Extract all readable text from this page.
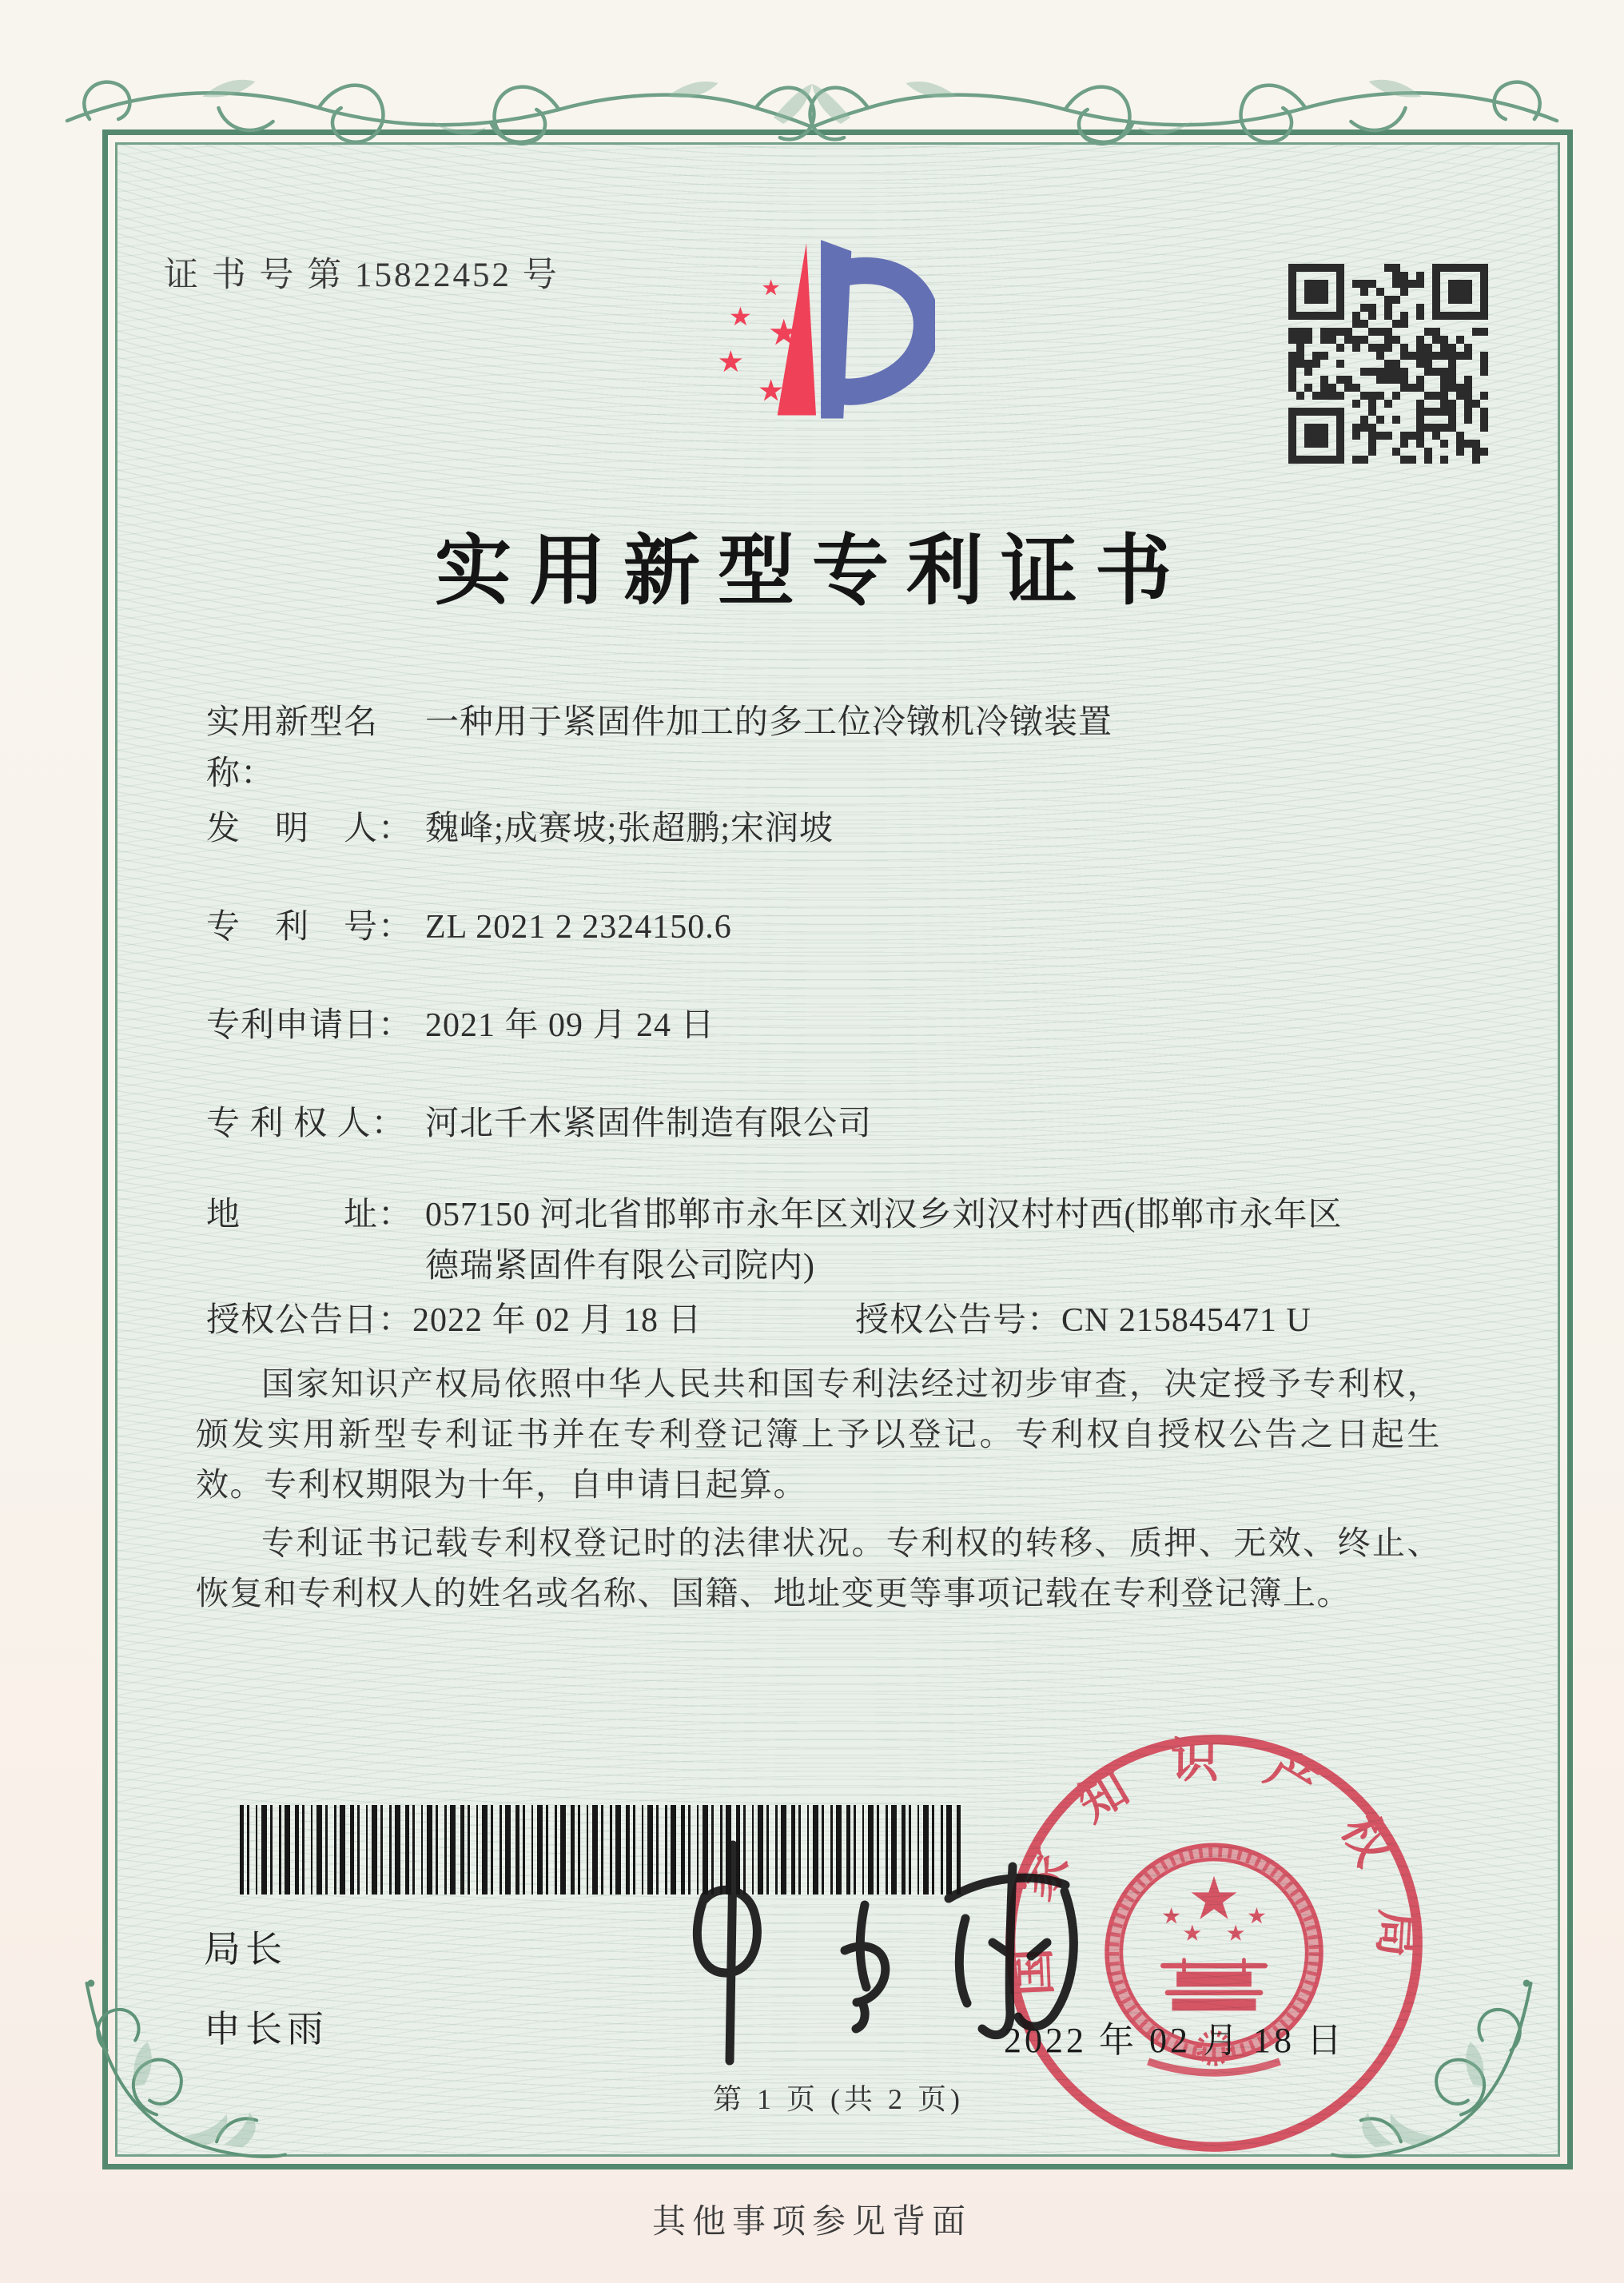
证 书 号 第 15822452 号
实用新型专利证书
实用新型名称：
一种用于紧固件加工的多工位冷镦机冷镦装置
发　明　人： 魏峰;成赛坡;张超鹏;宋润坡
专　利　号： ZL 2021 2 2324150.6
专利申请日： 2021 年 09 月 24 日
专 利 权 人： 河北千木紧固件制造有限公司
地　　　址： 057150 河北省邯郸市永年区刘汉乡刘汉村村西(邯郸市永年区德瑞紧固件有限公司院内)
授权公告日：2022 年 02 月 18 日	授权公告号：CN 215845471 U

国家知识产权局依照中华人民共和国专利法经过初步审查，决定授予专利权，颁发实用新型专利证书并在专利登记簿上予以登记。专利权自授权公告之日起生效。专利权期限为十年，自申请日起算。

专利证书记载专利权登记时的法律状况。专利权的转移、质押、无效、终止、恢复和专利权人的姓名或名称、国籍、地址变更等事项记载在专利登记簿上。

局长
申长雨
国家知识产权局
2022 年 02 月 18 日
第 1 页 (共 2 页)
其他事项参见背面
